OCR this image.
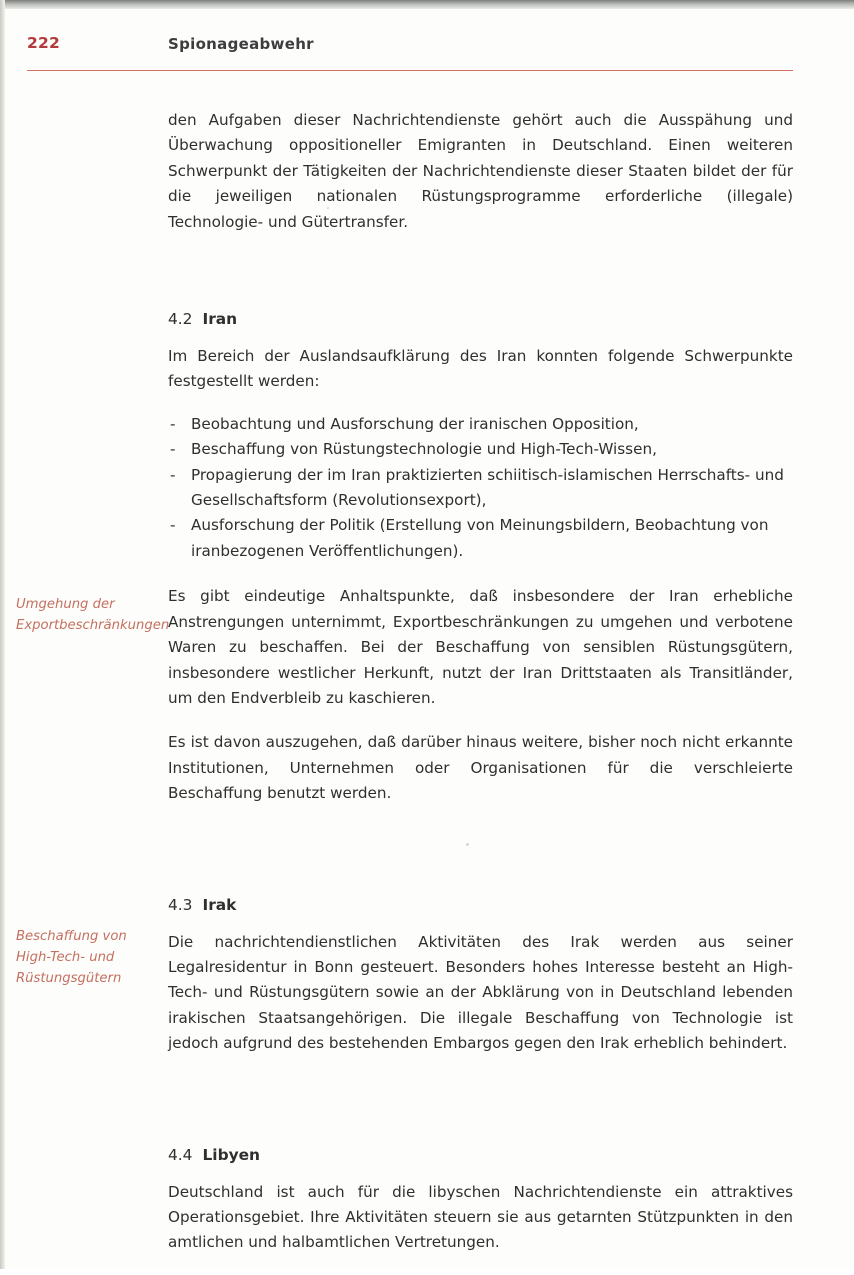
222	Spionageabwehr
Umgehung der Exportbeschränkungen
Beschaffung von High-Tech- und Rüstungsgütern

den Aufgaben dieser Nachrichtendienste gehört auch die Ausspähung und Überwachung oppositioneller Emigranten in Deutschland. Einen weiteren Schwerpunkt der Tätigkeiten der Nachrichtendienste dieser Staaten bildet der für die jeweiligen nationalen Rüstungsprogramme erforderliche (illegale) Technologie- und Gütertransfer.

4.2 Iran

Im Bereich der Auslandsaufklärung des Iran konnten folgende Schwerpunkte festgestellt werden:

- Beobachtung und Ausforschung der iranischen Opposition,
- Beschaffung von Rüstungstechnologie und High-Tech-Wissen,
- Propagierung der im Iran praktizierten schiitisch-islamischen Herrschafts- und Gesellschaftsform (Revolutionsexport),
- Ausforschung der Politik (Erstellung von Meinungsbildern, Beobachtung von iranbezogenen Veröffentlichungen).

Es gibt eindeutige Anhaltspunkte, daß insbesondere der Iran erhebliche Anstrengungen unternimmt, Exportbeschränkungen zu umgehen und verbotene Waren zu beschaffen. Bei der Beschaffung von sensiblen Rüstungsgütern, insbesondere westlicher Herkunft, nutzt der Iran Drittstaaten als Transitländer, um den Endverbleib zu kaschieren.

Es ist davon auszugehen, daß darüber hinaus weitere, bisher noch nicht erkannte Institutionen, Unternehmen oder Organisationen für die verschleierte Beschaffung benutzt werden.

4.3 Irak

Die nachrichtendienstlichen Aktivitäten des Irak werden aus seiner Legalresidentur in Bonn gesteuert. Besonders hohes Interesse besteht an High-Tech- und Rüstungsgütern sowie an der Abklärung von in Deutschland lebenden irakischen Staatsangehörigen. Die illegale Beschaffung von Technologie ist jedoch aufgrund des bestehenden Embargos gegen den Irak erheblich behindert.

4.4 Libyen

Deutschland ist auch für die libyschen Nachrichtendienste ein attraktives Operationsgebiet. Ihre Aktivitäten steuern sie aus getarnten Stützpunkten in den amtlichen und halbamtlichen Vertretungen.
